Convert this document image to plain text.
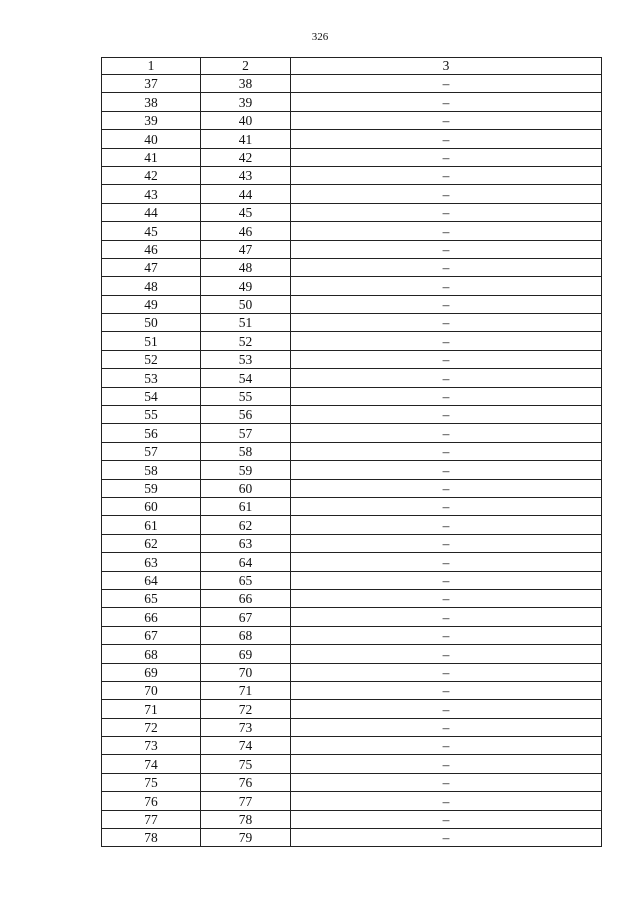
326
1	2	3
37	38	–
38	39	–
39	40	–
40	41	–
41	42	–
42	43	–
43	44	–
44	45	–
45	46	–
46	47	–
47	48	–
48	49	–
49	50	–
50	51	–
51	52	–
52	53	–
53	54	–
54	55	–
55	56	–
56	57	–
57	58	–
58	59	–
59	60	–
60	61	–
61	62	–
62	63	–
63	64	–
64	65	–
65	66	–
66	67	–
67	68	–
68	69	–
69	70	–
70	71	–
71	72	–
72	73	–
73	74	–
74	75	–
75	76	–
76	77	–
77	78	–
78	79	–
